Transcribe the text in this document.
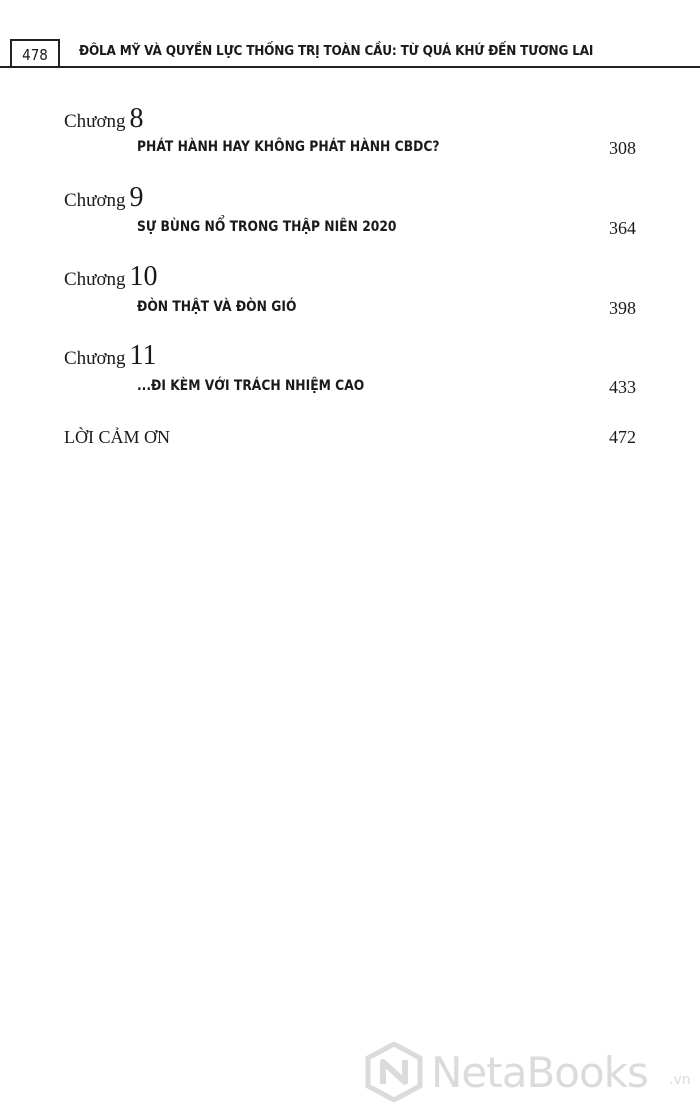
478	ĐÔLA MỸ VÀ QUYỀN LỰC THỐNG TRỊ TOÀN CẦU: TỪ QUÁ KHỨ ĐẾN TƯƠNG LAI
Chương 8
PHÁT HÀNH HAY KHÔNG PHÁT HÀNH CBDC?	308
Chương 9
SỰ BÙNG NỔ TRONG THẬP NIÊN 2020	364
Chương 10
ĐÒN THẬT VÀ ĐÒN GIÓ	398
Chương 11
...ĐI KÈM VỚI TRÁCH NHIỆM CAO	433
LỜI CẢM ƠN	472
NetaBooks .vn
